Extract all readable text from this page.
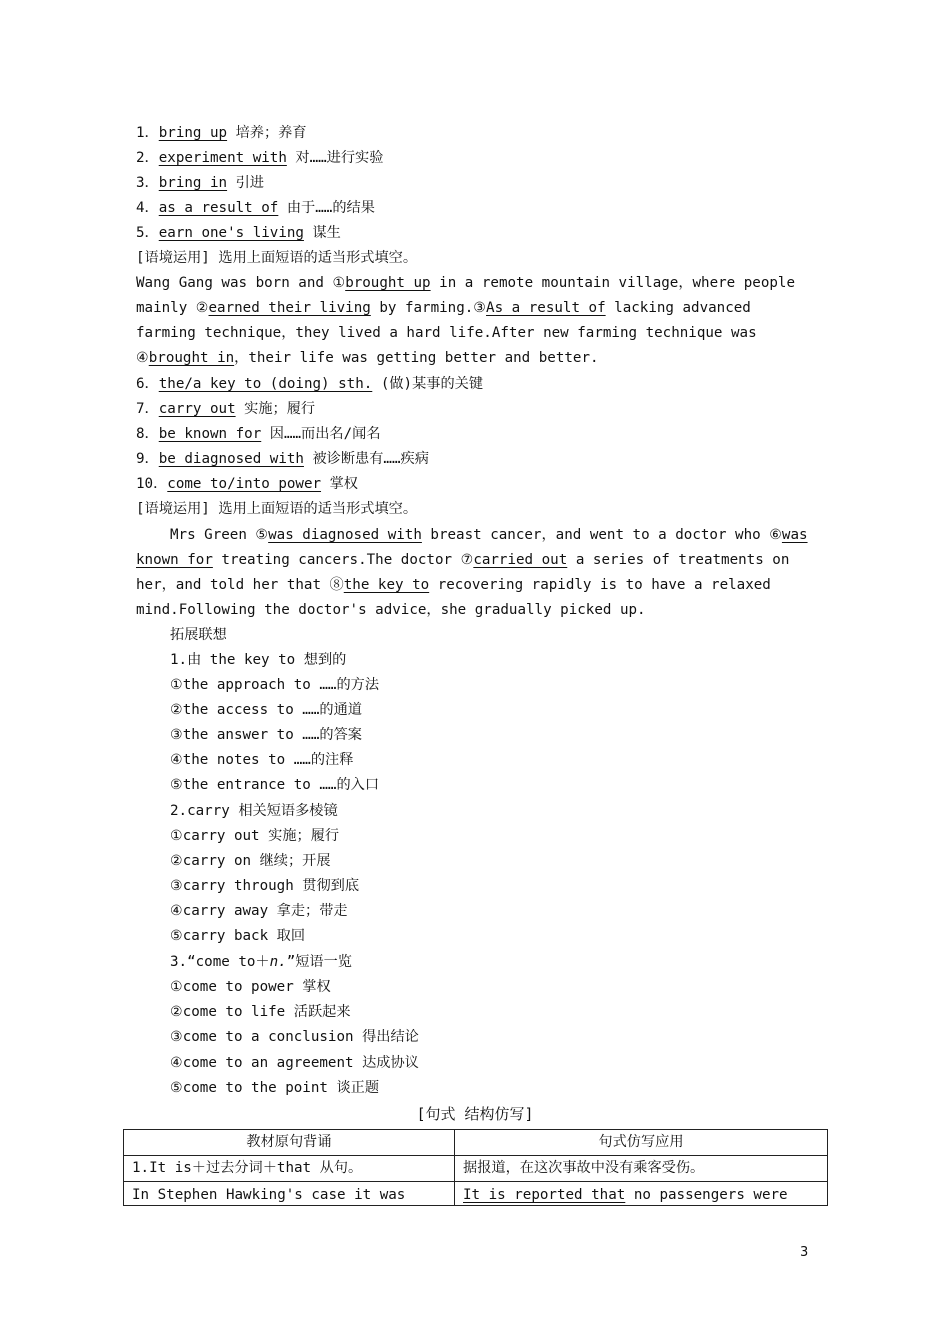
1．bring up 培养；养育
2．experiment with 对……进行实验
3．bring in 引进
4．as a result of 由于……的结果
5．earn one's living 谋生
[语境运用] 选用上面短语的适当形式填空。
Wang Gang was born and ①brought up in a remote mountain village，where people
mainly ②earned their living by farming.③As a result of lacking advanced
farming technique，they lived a hard life.After new farming technique was
④brought in，their life was getting better and better.
6．the/a key to (doing) sth. (做)某事的关键
7．carry out 实施；履行
8．be known for 因……而出名/闻名
9．be diagnosed with 被诊断患有……疾病
10．come to/into power 掌权
[语境运用] 选用上面短语的适当形式填空。
Mrs Green ⑤was diagnosed with breast cancer，and went to a doctor who ⑥was
known for treating cancers.The doctor ⑦carried out a series of treatments on
her，and told her that ⑧the key to recovering rapidly is to have a relaxed
mind.Following the doctor's advice，she gradually picked up.
拓展联想
1.由 the key to 想到的
①the approach to ……的方法
②the access to ……的通道
③the answer to ……的答案
④the notes to ……的注释
⑤the entrance to ……的入口
2.carry 相关短语多棱镜
①carry out 实施；履行
②carry on 继续；开展
③carry through 贯彻到底
④carry away 拿走；带走
⑤carry back 取回
3.“come to＋n.”短语一览
①come to power 掌权
②come to life 活跃起来
③come to a conclusion 得出结论
④come to an agreement 达成协议
⑤come to the point 谈正题
[句式 结构仿写]
教材原句背诵	句式仿写应用
1.It is＋过去分词＋that 从句。	据报道，在这次事故中没有乘客受伤。
In Stephen Hawking's case it was	It is reported that no passengers were
3
